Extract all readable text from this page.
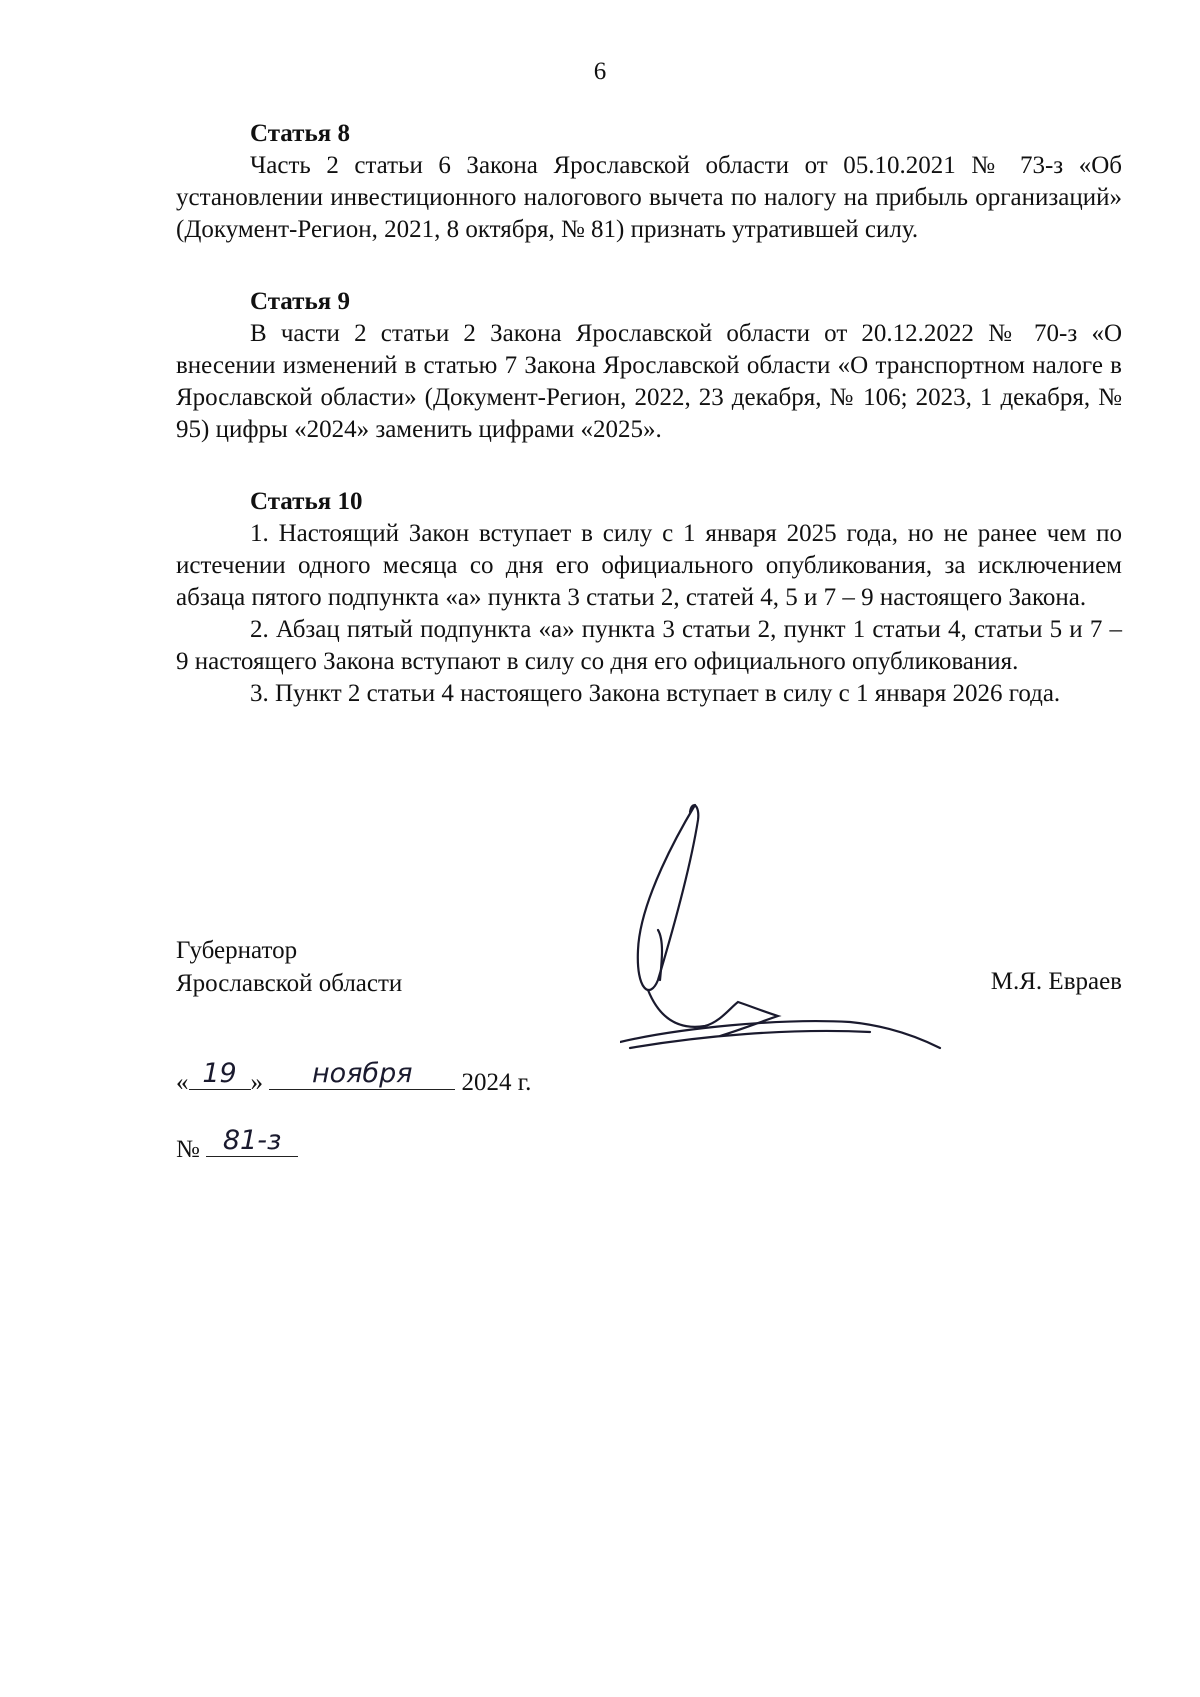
6
Статья 8

Часть 2 статьи 6 Закона Ярославской области от 05.10.2021 № 73-з «Об установлении инвестиционного налогового вычета по налогу на прибыль организаций» (Документ-Регион, 2021, 8 октября, № 81) признать утратившей силу.

Статья 9

В части 2 статьи 2 Закона Ярославской области от 20.12.2022 № 70-з «О внесении изменений в статью 7 Закона Ярославской области «О транспортном налоге в Ярославской области» (Документ-Регион, 2022, 23 декабря, № 106; 2023, 1 декабря, № 95) цифры «2024» заменить цифрами «2025».

Статья 10

1. Настоящий Закон вступает в силу с 1 января 2025 года, но не ранее чем по истечении одного месяца со дня его официального опубликования, за исключением абзаца пятого подпункта «а» пункта 3 статьи 2, статей 4, 5 и 7 – 9 настоящего Закона.

2. Абзац пятый подпункта «а» пункта 3 статьи 2, пункт 1 статьи 4, статьи 5 и 7 – 9 настоящего Закона вступают в силу со дня его официального опубликования.

3. Пункт 2 статьи 4 настоящего Закона вступает в силу с 1 января 2026 года.

Губернатор
Ярославской области	М.Я. Евраев
« 19 »	ноября	2024 г.
№ 81-з
